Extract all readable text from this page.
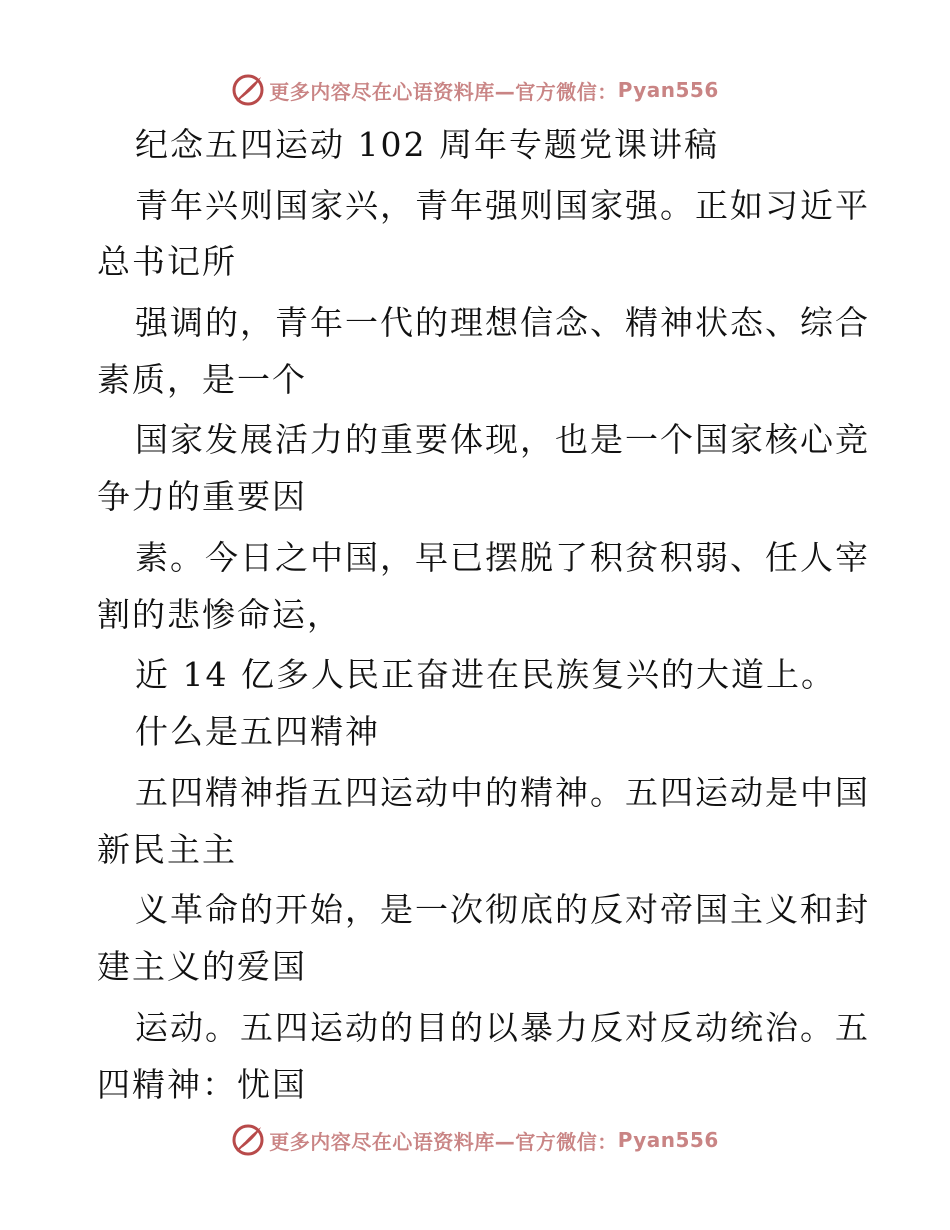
更多内容尽在心语资料库—官方微信： Pyan556
纪念五四运动 102 周年专题党课讲稿
青年兴则国家兴，青年强则国家强。正如习近平
总书记所
强调的，青年一代的理想信念、精神状态、综合
素质，是一个
国家发展活力的重要体现，也是一个国家核心竞
争力的重要因
素。今日之中国，早已摆脱了积贫积弱、任人宰
割的悲惨命运，
近 14 亿多人民正奋进在民族复兴的大道上。
什么是五四精神
五四精神指五四运动中的精神。五四运动是中国
新民主主
义革命的开始，是一次彻底的反对帝国主义和封
建主义的爱国
运动。五四运动的目的以暴力反对反动统治。五
四精神：忧国
更多内容尽在心语资料库—官方微信： Pyan556
